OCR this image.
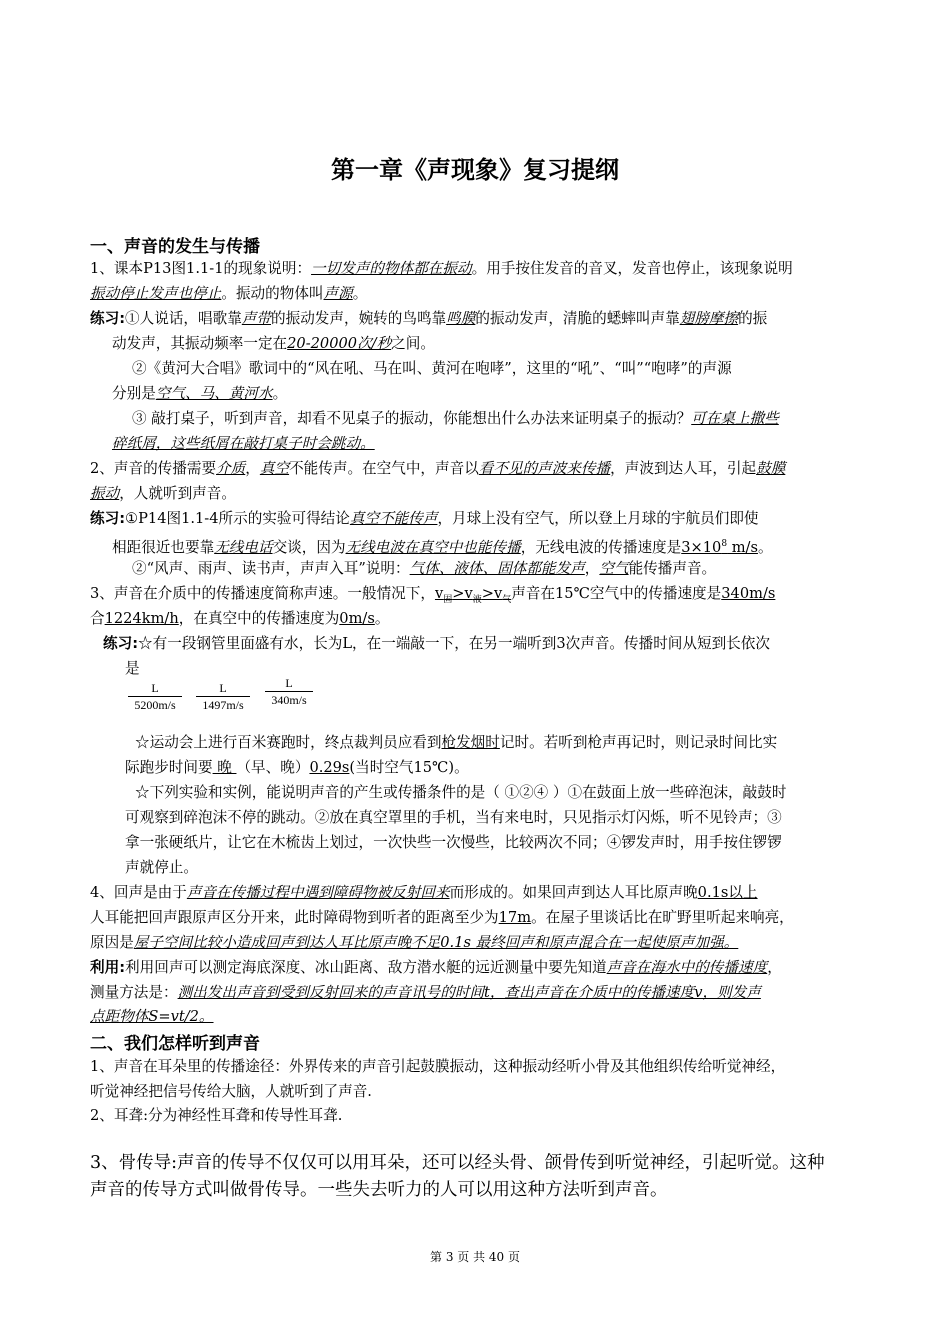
第一章《声现象》复习提纲
一、声音的发生与传播
1、课本P13图1.1-1的现象说明：一切发声的物体都在振动。用手按住发音的音叉，发音也停止，该现象说明
振动停止发声也停止。振动的物体叫声源。
练习:①人说话，唱歌靠声带的振动发声，婉转的鸟鸣靠鸣膜的振动发声，清脆的蟋蟀叫声靠翅膀摩擦的振
动发声，其振动频率一定在20-20000次/秒之间。
②《黄河大合唱》歌词中的“风在吼、马在叫、黄河在咆哮”，这里的“吼”、“叫”“咆哮”的声源
分别是空气、马、黄河水。
③ 敲打桌子，听到声音，却看不见桌子的振动，你能想出什么办法来证明桌子的振动？可在桌上撒些
碎纸屑，这些纸屑在敲打桌子时会跳动。
2、声音的传播需要介质，真空不能传声。在空气中，声音以看不见的声波来传播，声波到达人耳，引起鼓膜
振动，人就听到声音。
练习:①P14图1.1-4所示的实验可得结论真空不能传声，月球上没有空气，所以登上月球的宇航员们即使
相距很近也要靠无线电话交谈，因为无线电波在真空中也能传播，无线电波的传播速度是$3\times 10^8$ m/s。
②“风声、雨声、读书声，声声入耳”说明：气体、液体、固体都能发声，空气能传播声音。
3、声音在介质中的传播速度简称声速。一般情况下，$v_固>v_液>v_气$声音在15℃空气中的传播速度是340m/s
合1224km/h，在真空中的传播速度为0m/s。
练习:☆有一段钢管里面盛有水，长为L，在一端敲一下，在另一端听到3次声音。传播时间从短到长依次
是
$\frac{L}{5200m/s} \frac{L}{1497m/s} \frac{L}{340m/s}$
☆运动会上进行百米赛跑时，终点裁判员应看到枪发烟时记时。若听到枪声再记时，则记录时间比实
际跑步时间要 晚 （早、晚）0.29s(当时空气15℃)。
☆下列实验和实例，能说明声音的产生或传播条件的是（ ①②④ ）①在鼓面上放一些碎泡沫，敲鼓时
可观察到碎泡沫不停的跳动。②放在真空罩里的手机，当有来电时，只见指示灯闪烁，听不见铃声；③
拿一张硬纸片，让它在木梳齿上划过，一次快些一次慢些，比较两次不同；④锣发声时，用手按住锣锣
声就停止。
4、回声是由于声音在传播过程中遇到障碍物被反射回来而形成的。如果回声到达人耳比原声晚0.1s以上
人耳能把回声跟原声区分开来，此时障碍物到听者的距离至少为17m。在屋子里谈话比在旷野里听起来响亮，
原因是屋子空间比较小造成回声到达人耳比原声晚不足0.1s 最终回声和原声混合在一起使原声加强。
利用:利用回声可以测定海底深度、冰山距离、敌方潜水艇的远近测量中要先知道声音在海水中的传播速度，
测量方法是：测出发出声音到受到反射回来的声音讯号的时间t，查出声音在介质中的传播速度v，则发声
点距物体S=vt/2。
二、我们怎样听到声音
1、声音在耳朵里的传播途径：外界传来的声音引起鼓膜振动，这种振动经听小骨及其他组织传给听觉神经，
听觉神经把信号传给大脑，人就听到了声音.
2、耳聋:分为神经性耳聋和传导性耳聋.
3、骨传导:声音的传导不仅仅可以用耳朵，还可以经头骨、颌骨传到听觉神经，引起听觉。这种
声音的传导方式叫做骨传导。一些失去听力的人可以用这种方法听到声音。
第 3 页 共 40 页
